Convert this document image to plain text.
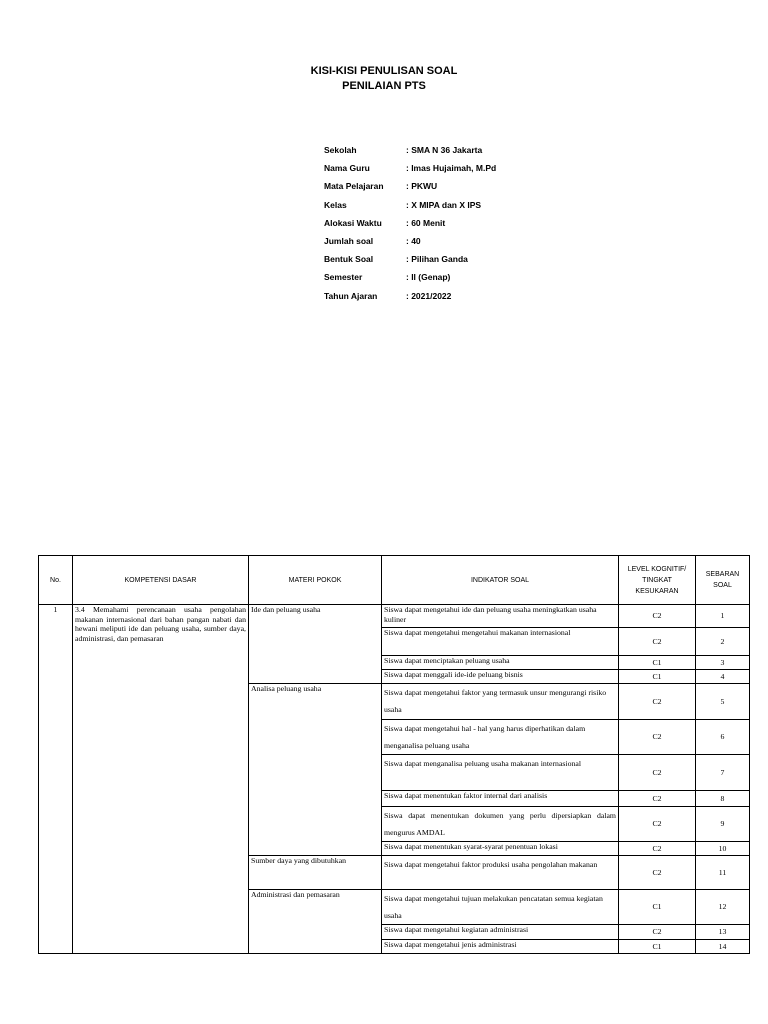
KISI-KISI PENULISAN SOAL
PENILAIAN PTS
Sekolah	: SMA N 36 Jakarta
Nama Guru	: Imas Hujaimah, M.Pd
Mata Pelajaran	: PKWU
Kelas	: X MIPA dan X IPS
Alokasi Waktu	: 60 Menit
Jumlah soal	: 40
Bentuk Soal	: Pilihan Ganda
Semester	: II (Genap)
Tahun Ajaran	: 2021/2022
No.	KOMPETENSI DASAR	MATERI POKOK	INDIKATOR SOAL	LEVEL KOGNITIF/ TINGKAT KESUKARAN	SEBARAN SOAL
1	3.4 Memahami perencanaan usaha pengolahan makanan internasional dari bahan pangan nabati dan hewani meliputi ide dan peluang usaha, sumber daya, administrasi, dan pemasaran	Ide dan peluang usaha	Siswa dapat mengetahui ide dan peluang usaha meningkatkan usaha kuliner	C2	1
			Siswa dapat mengetahui mengetahui makanan internasional	C2	2
			Siswa dapat menciptakan peluang usaha	C1	3
			Siswa dapat menggali ide-ide peluang bisnis	C1	4
		Analisa peluang usaha	Siswa dapat mengetahui faktor yang termasuk unsur mengurangi risiko usaha	C2	5
			Siswa dapat mengetahui hal - hal yang harus diperhatikan dalam menganalisa peluang usaha	C2	6
			Siswa dapat menganalisa peluang usaha makanan internasional	C2	7
			Siswa dapat menentukan faktor internal dari analisis	C2	8
			Siswa dapat menentukan dokumen yang perlu dipersiapkan dalam mengurus AMDAL	C2	9
			Siswa dapat menentukan syarat-syarat penentuan lokasi	C2	10
		Sumber daya yang dibutuhkan	Siswa dapat mengetahui faktor produksi usaha pengolahan makanan	C2	11
		Administrasi dan pemasaran	Siswa dapat mengetahui tujuan melakukan pencatatan semua kegiatan usaha	C1	12
			Siswa dapat mengetahui kegiatan administrasi	C2	13
			Siswa dapat mengetahui jenis administrasi	C1	14
